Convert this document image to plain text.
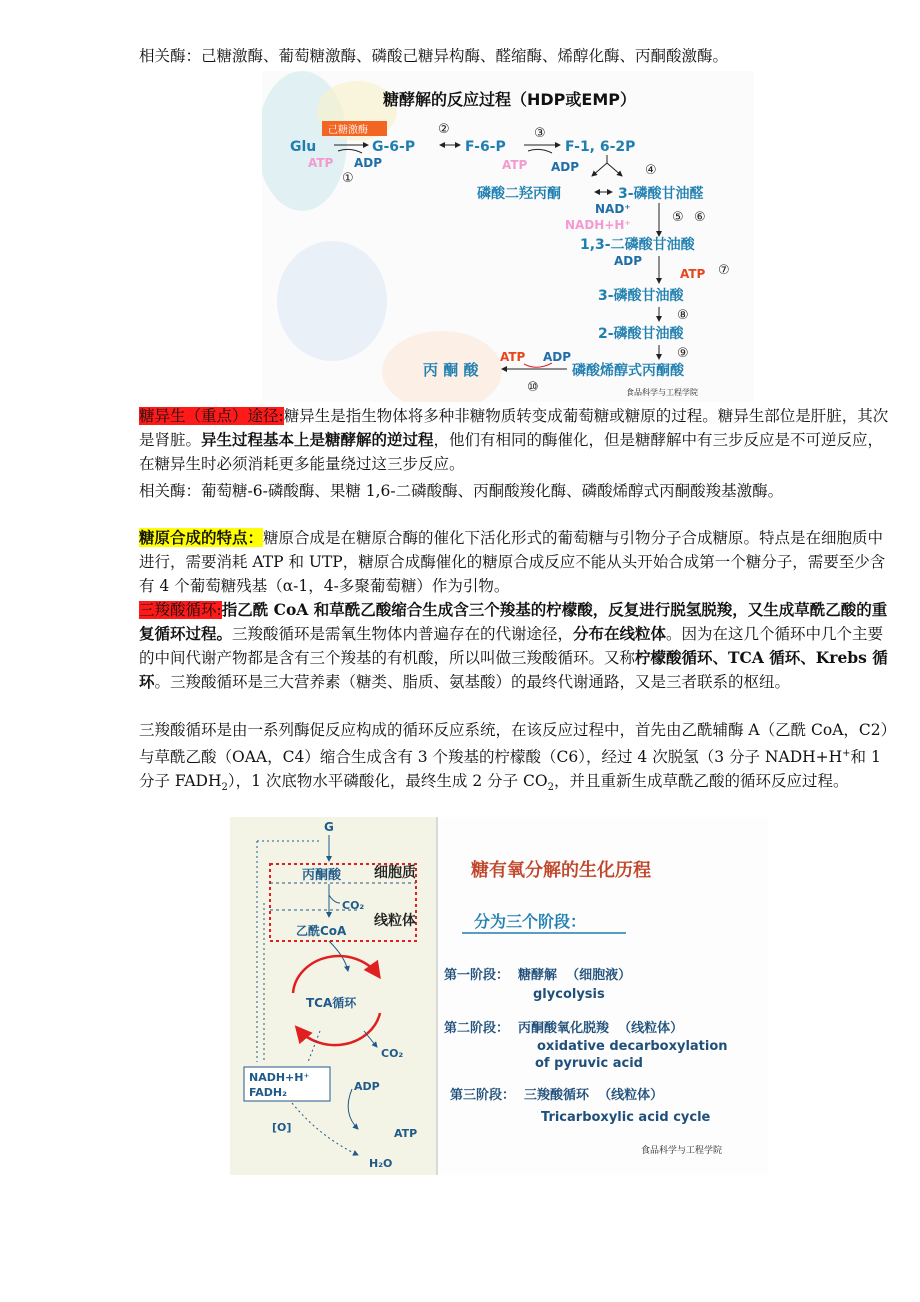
相关酶：己糖激酶、葡萄糖激酶、磷酸己糖异构酶、醛缩酶、烯醇化酶、丙酮酸激酶。

糖酵解的反应过程（HDP或EMP）
己糖激酶
Glu	G-6-P	F-6-P	F-1, 6-2P
②	③
ATP ADP
①
ATP ADP	④
磷酸二羟丙酮	3-磷酸甘油醛
NAD⁺
NADH+H⁺	⑤ ⑥
1,3-二磷酸甘油酸
ADP
ATP ⑦
3-磷酸甘油酸
⑧
2-磷酸甘油酸
⑨
ATP ADP
丙 酮 酸	磷酸烯醇式丙酮酸
⑩	食品科学与工程学院

糖异生（重点）途径:糖异生是指生物体将多种非糖物质转变成葡萄糖或糖原的过程。糖异生部位是肝脏，其次是肾脏。异生过程基本上是糖酵解的逆过程，他们有相同的酶催化，但是糖酵解中有三步反应是不可逆反应，在糖异生时必须消耗更多能量绕过这三步反应。

相关酶：葡萄糖-6-磷酸酶、果糖 1,6-二磷酸酶、丙酮酸羧化酶、磷酸烯醇式丙酮酸羧基激酶。

糖原合成的特点：糖原合成是在糖原合酶的催化下活化形式的葡萄糖与引物分子合成糖原。特点是在细胞质中进行，需要消耗 ATP 和 UTP，糖原合成酶催化的糖原合成反应不能从头开始合成第一个糖分子，需要至少含有 4 个葡萄糖残基（α-1，4-多聚葡萄糖）作为引物。

三羧酸循环:指乙酰 CoA 和草酰乙酸缩合生成含三个羧基的柠檬酸，反复进行脱氢脱羧，又生成草酰乙酸的重复循环过程。三羧酸循环是需氧生物体内普遍存在的代谢途径，分布在线粒体。因为在这几个循环中几个主要的中间代谢产物都是含有三个羧基的有机酸，所以叫做三羧酸循环。又称柠檬酸循环、TCA 循环、Krebs 循环。三羧酸循环是三大营养素（糖类、脂质、氨基酸）的最终代谢通路，又是三者联系的枢纽。

三羧酸循环是由一系列酶促反应构成的循环反应系统，在该反应过程中，首先由乙酰辅酶 A（乙酰 CoA，C2）与草酰乙酸（OAA，C4）缩合生成含有 3 个羧基的柠檬酸（C6），经过 4 次脱氢（3 分子 NADH+H+和 1 分子 $FADH_2$），1 次底物水平磷酸化，最终生成 2 分子 $CO_2$，并且重新生成草酰乙酸的循环反应过程。

G
丙酮酸 细胞质
CO₂
线粒体
乙酰CoA
TCA循环
CO₂
NADH+H⁺
FADH₂	ADP
ATP
[O]
H₂O
糖有氧分解的生化历程
分为三个阶段：
第一阶段：  糖酵解  （细胞液）
glycolysis
第二阶段：  丙酮酸氧化脱羧  （线粒体）
oxidative decarboxylation
of pyruvic acid
第三阶段：  三羧酸循环  （线粒体）
Tricarboxylic acid cycle
食品科学与工程学院
